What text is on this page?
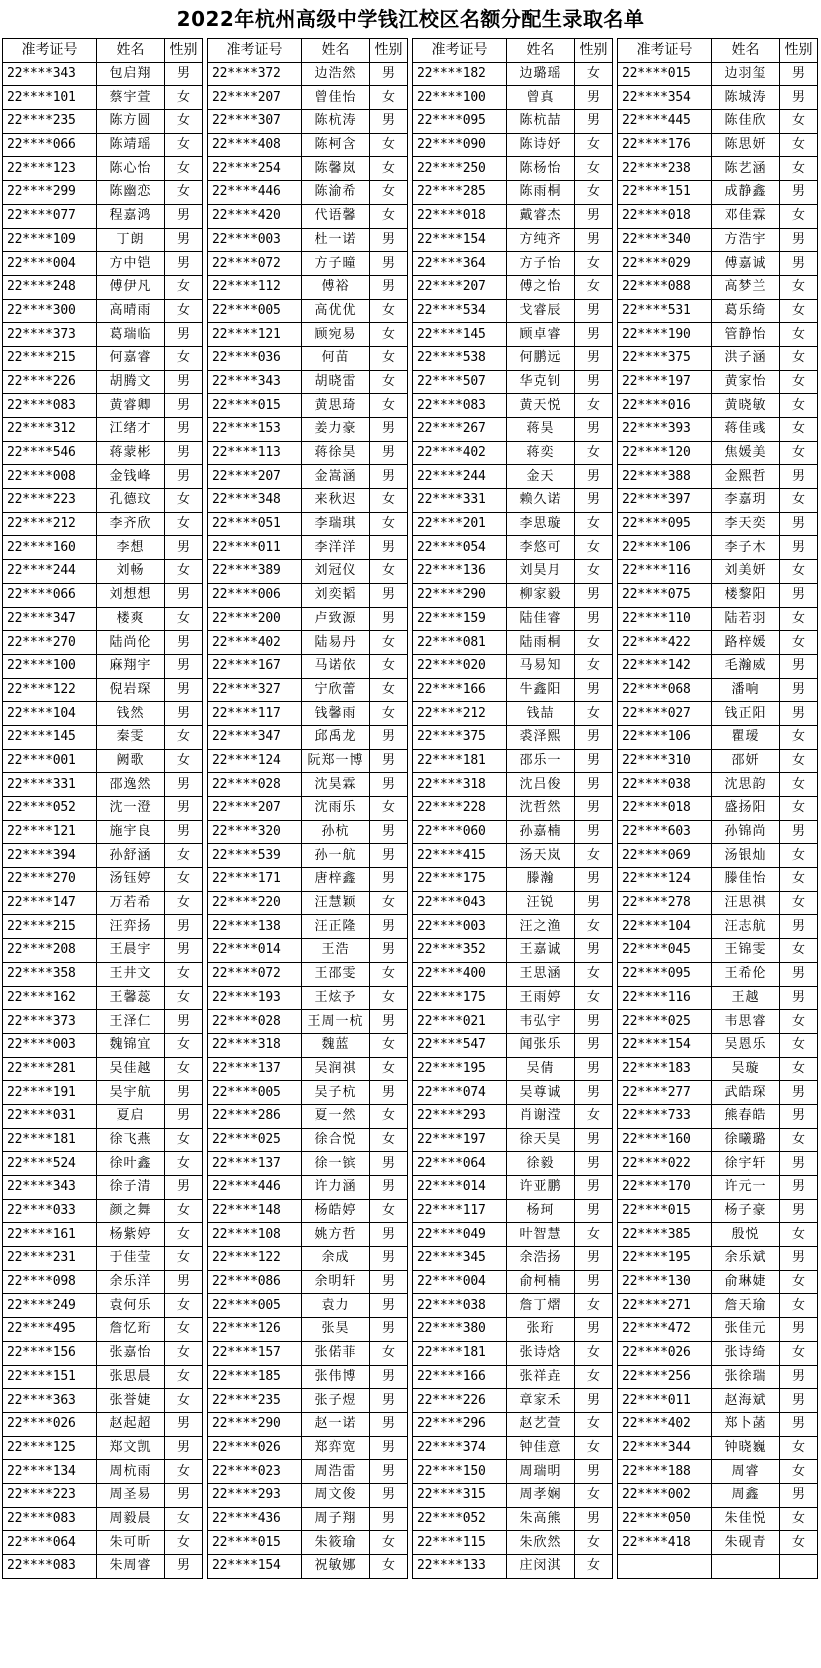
2022年杭州高级中学钱江校区名额分配生录取名单
准考证号	姓名	性别
22****343	包启翔	男
22****101	蔡宇萱	女
22****235	陈方圆	女
22****066	陈靖瑶	女
22****123	陈心怡	女
22****299	陈幽恋	女
22****077	程嘉鸿	男
22****109	丁朗	男
22****004	方中铠	男
22****248	傅伊凡	女
22****300	高晴雨	女
22****373	葛瑞临	男
22****215	何嘉睿	女
22****226	胡腾文	男
22****083	黄睿卿	男
22****312	江绪才	男
22****546	蒋蒙彬	男
22****008	金钱峰	男
22****223	孔德玟	女
22****212	李齐欣	女
22****160	李想	男
22****244	刘畅	女
22****066	刘想想	男
22****347	楼爽	女
22****270	陆尚伦	男
22****100	麻翔宇	男
22****122	倪岩琛	男
22****104	钱然	男
22****145	秦雯	女
22****001	阙歌	女
22****331	邵逸然	男
22****052	沈一澄	男
22****121	施宇良	男
22****394	孙舒涵	女
22****270	汤钰婷	女
22****147	万若希	女
22****215	汪弈扬	男
22****208	王晨宇	男
22****358	王井文	女
22****162	王馨蕊	女
22****373	王泽仁	男
22****003	魏锦宜	女
22****281	吴佳越	女
22****191	吴宇航	男
22****031	夏启	男
22****181	徐飞燕	女
22****524	徐叶鑫	女
22****343	徐子清	男
22****033	颜之舞	女
22****161	杨紫婷	女
22****231	于佳莹	女
22****098	余乐洋	男
22****249	袁何乐	女
22****495	詹忆珩	女
22****156	张嘉怡	女
22****151	张思晨	女
22****363	张誉婕	女
22****026	赵起超	男
22****125	郑文凯	男
22****134	周杭雨	女
22****223	周圣易	男
22****083	周毅晨	女
22****064	朱可昕	女
22****083	朱周睿	男
准考证号	姓名	性别
22****372	边浩然	男
22****207	曾佳怡	女
22****307	陈杭涛	男
22****408	陈柯含	女
22****254	陈馨岚	女
22****446	陈渝希	女
22****420	代语馨	女
22****003	杜一诺	男
22****072	方子曈	男
22****112	傅裕	男
22****005	高优优	女
22****121	顾宛易	女
22****036	何苗	女
22****343	胡晓雷	女
22****015	黄思琦	女
22****153	姜力豪	男
22****113	蒋徐昊	男
22****207	金嵩涵	男
22****348	来秋迟	女
22****051	李瑞琪	女
22****011	李洋洋	男
22****389	刘冠仪	女
22****006	刘奕韬	男
22****200	卢致源	男
22****402	陆易丹	女
22****167	马诺依	女
22****327	宁欣蕾	女
22****117	钱馨雨	女
22****347	邱禹龙	男
22****124	阮郑一博	男
22****028	沈昊霖	男
22****207	沈雨乐	女
22****320	孙杭	男
22****539	孙一航	男
22****171	唐梓鑫	男
22****220	汪慧颖	女
22****138	汪正隆	男
22****014	王浩	男
22****072	王邵雯	女
22****193	王炫予	女
22****028	王周一杭	男
22****318	魏蓝	女
22****137	吴润祺	女
22****005	吴子杭	男
22****286	夏一然	女
22****025	徐合悦	女
22****137	徐一镔	男
22****446	许力涵	男
22****148	杨皓婷	女
22****108	姚方哲	男
22****122	余成	男
22****086	余明轩	男
22****005	袁力	男
22****126	张昊	男
22****157	张偌菲	女
22****185	张伟博	男
22****235	张子煜	男
22****290	赵一诺	男
22****026	郑弈宽	男
22****023	周浩雷	男
22****293	周文俊	男
22****436	周子翔	男
22****015	朱筱瑜	女
22****154	祝敏娜	女
准考证号	姓名	性别
22****182	边璐瑶	女
22****100	曾真	男
22****095	陈杭喆	男
22****090	陈诗妤	女
22****250	陈杨怡	女
22****285	陈雨桐	女
22****018	戴睿杰	男
22****154	方纯齐	男
22****364	方子怡	女
22****207	傅之怡	女
22****534	戈睿辰	男
22****145	顾卓睿	男
22****538	何鹏远	男
22****507	华克钊	男
22****083	黄天悦	女
22****267	蒋昊	男
22****402	蒋奕	女
22****244	金天	男
22****331	赖久诺	男
22****201	李思璇	女
22****054	李悠可	女
22****136	刘昊月	女
22****290	柳家毅	男
22****159	陆佳睿	男
22****081	陆雨桐	女
22****020	马易知	女
22****166	牛鑫阳	男
22****212	钱喆	女
22****375	裘泽熙	男
22****181	邵乐一	男
22****318	沈吕俊	男
22****228	沈哲然	男
22****060	孙嘉楠	男
22****415	汤天岚	女
22****175	滕瀚	男
22****043	汪锐	男
22****003	汪之渔	女
22****352	王嘉诚	男
22****400	王思涵	女
22****175	王雨婷	女
22****021	韦弘宇	男
22****547	闻张乐	男
22****195	吴倩	男
22****074	吴尊诚	男
22****293	肖谢滢	女
22****197	徐天昊	男
22****064	徐毅	男
22****014	许亚鹏	男
22****117	杨珂	男
22****049	叶智慧	女
22****345	余浩扬	男
22****004	俞柯楠	男
22****038	詹丁熠	女
22****380	张珩	男
22****181	张诗焓	女
22****166	张祥垚	女
22****226	章家禾	男
22****296	赵艺萱	女
22****374	钟佳意	女
22****150	周瑞明	男
22****315	周孝娴	女
22****052	朱高熊	男
22****115	朱欣然	女
22****133	庄闵淇	女
准考证号	姓名	性别
22****015	边羽玺	男
22****354	陈城涛	男
22****445	陈佳欣	女
22****176	陈思妍	女
22****238	陈艺涵	女
22****151	成静鑫	男
22****018	邓佳霖	女
22****340	方浩宇	男
22****029	傅嘉诚	男
22****088	高梦兰	女
22****531	葛乐绮	女
22****190	管静怡	女
22****375	洪子涵	女
22****197	黄家怡	女
22****016	黄晓敏	女
22****393	蒋佳彧	女
22****120	焦媛美	女
22****388	金熙哲	男
22****397	李嘉玥	女
22****095	李天奕	男
22****106	李子木	男
22****116	刘美妍	女
22****075	楼黎阳	男
22****110	陆若羽	女
22****422	路梓媛	女
22****142	毛瀚威	男
22****068	潘响	男
22****027	钱正阳	男
22****106	瞿瑷	女
22****310	邵妍	女
22****038	沈思韵	女
22****018	盛扬阳	女
22****603	孙锦尚	男
22****069	汤银灿	女
22****124	滕佳怡	女
22****278	汪思祺	女
22****104	汪志航	男
22****045	王锦雯	女
22****095	王希伦	男
22****116	王越	男
22****025	韦思睿	女
22****154	吴恩乐	女
22****183	吴璇	女
22****277	武皓琛	男
22****733	熊春皓	男
22****160	徐曦璐	女
22****022	徐宇轩	男
22****170	许元一	男
22****015	杨子豪	男
22****385	殷悦	女
22****195	余乐斌	男
22****130	俞琳婕	女
22****271	詹天瑜	女
22****472	张佳元	男
22****026	张诗绮	女
22****256	张徐瑞	男
22****011	赵海斌	男
22****402	郑卜菡	男
22****344	钟晓巍	女
22****188	周睿	女
22****002	周鑫	男
22****050	朱佳悦	女
22****418	朱砚青	女
